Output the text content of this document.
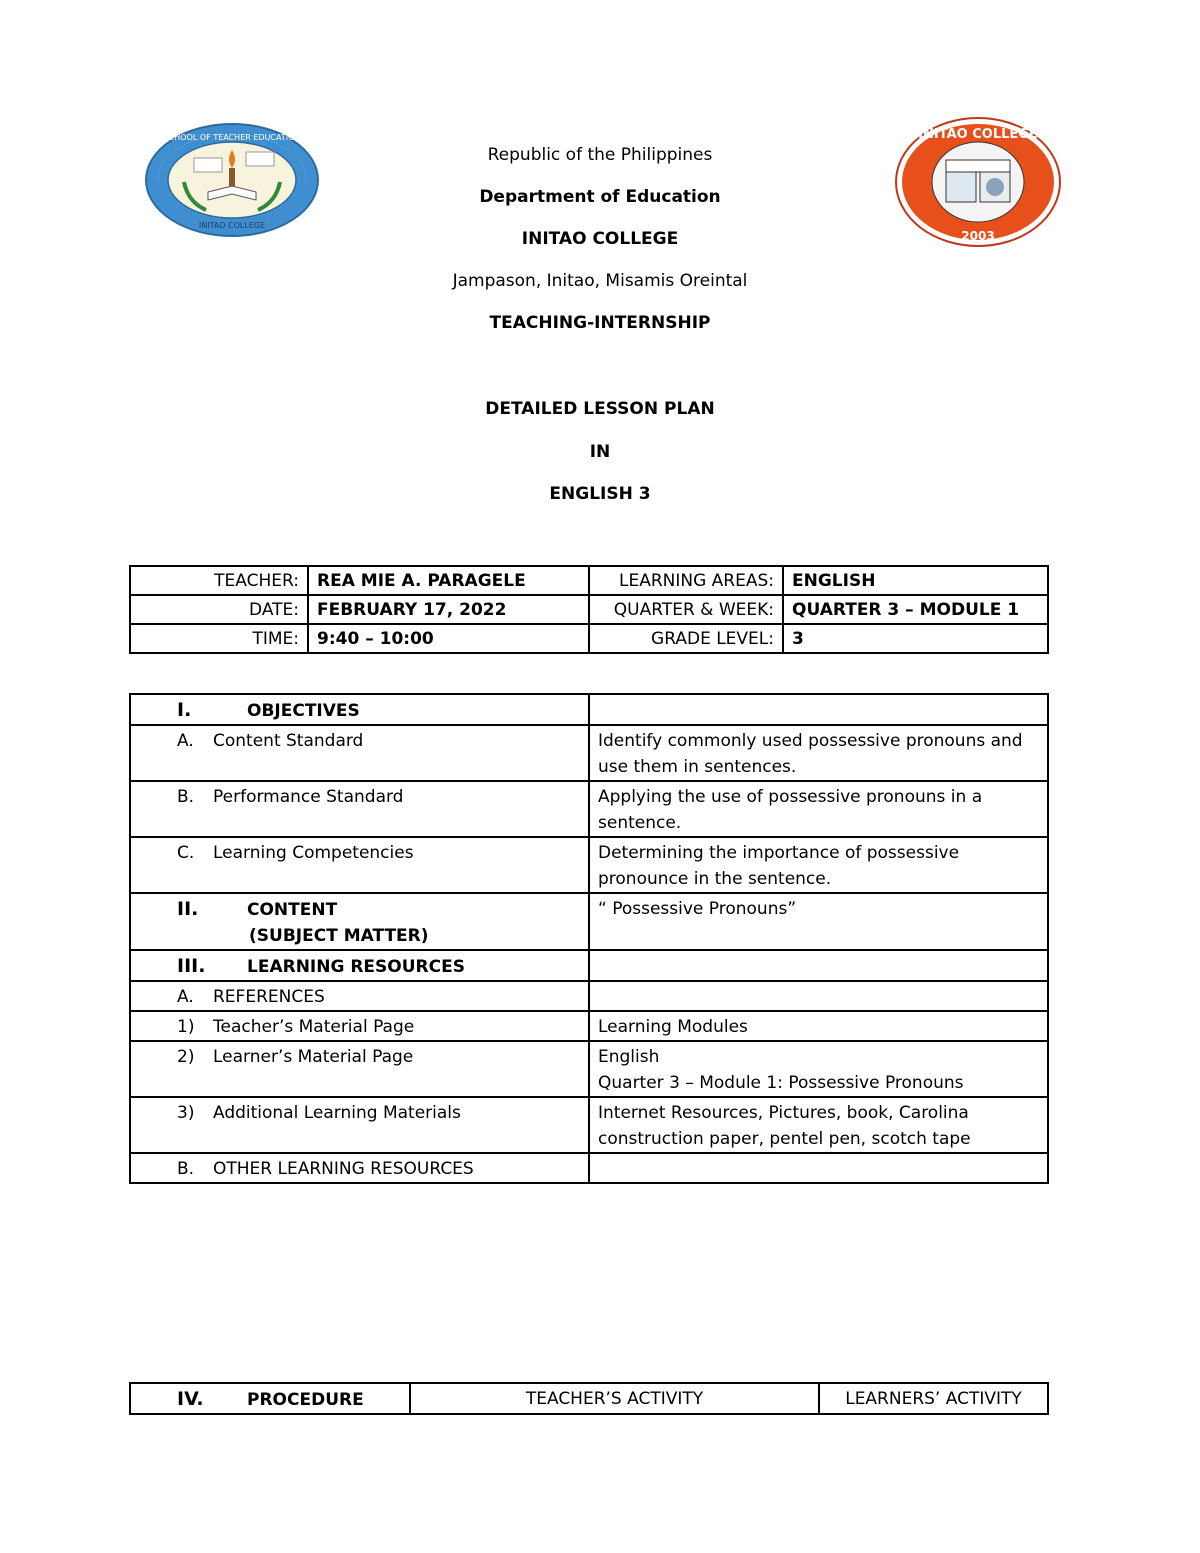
SCHOOL OF TEACHER EDUCATION
INITAO COLLEGE
INITAO COLLEGE
2003
Republic of the Philippines
Department of Education
INITAO COLLEGE
Jampason, Initao, Misamis Oreintal
TEACHING-INTERNSHIP
DETAILED LESSON PLAN
IN
ENGLISH 3
TEACHER:	REA MIE A. PARAGELE	LEARNING AREAS:	ENGLISH
DATE:	FEBRUARY 17, 2022	QUARTER & WEEK:	QUARTER 3 – MODULE 1
TIME:	9:40 – 10:00	GRADE LEVEL:	3
I. OBJECTIVES	
A. Content Standard	Identify commonly used possessive pronouns and use them in sentences.
B. Performance Standard	Applying the use of possessive pronouns in a sentence.
C. Learning Competencies	Determining the importance of possessive pronounce in the sentence.
II. CONTENT
(SUBJECT MATTER)	“ Possessive Pronouns”
III. LEARNING RESOURCES	
A. REFERENCES	
1) Teacher’s Material Page	Learning Modules
2) Learner’s Material Page	English
Quarter 3 – Module 1: Possessive Pronouns

3) Additional Learning Materials	Internet Resources, Pictures, book, Carolina construction paper, pentel pen, scotch tape
B. OTHER LEARNING RESOURCES	
IV.	PROCEDURE	TEACHER’S ACTIVITY	LEARNERS’ ACTIVITY
